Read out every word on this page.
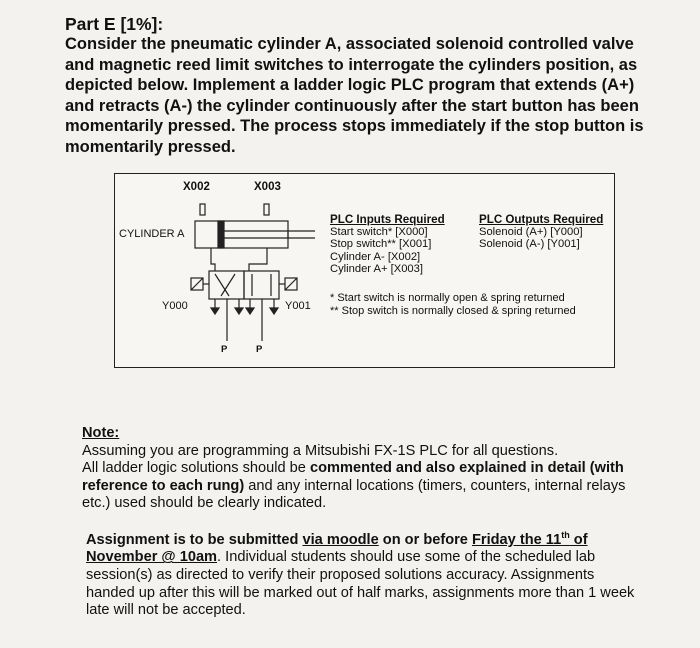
Part E [1%]:

Consider the pneumatic cylinder A, associated solenoid controlled valve and magnetic reed limit switches to interrogate the cylinders position, as depicted below. Implement a ladder logic PLC program that extends (A+) and retracts (A-) the cylinder continuously after the start button has been momentarily pressed. The process stops immediately if the stop button is momentarily pressed.

X002	X003
CYLINDER A
Y000	Y001
P	P
PLC Inputs Required
Start switch* [X000]
Stop switch** [X001]
Cylinder A- [X002]
Cylinder A+ [X003]
PLC Outputs Required
Solenoid (A+) [Y000]
Solenoid (A-) [Y001]
* Start switch is normally open & spring returned
** Stop switch is normally closed & spring returned
Note:
Assuming you are programming a Mitsubishi FX-1S PLC for all questions.
All ladder logic solutions should be commented and also explained in detail (with reference to each rung) and any internal locations (timers, counters, internal relays etc.) used should be clearly indicated.
Assignment is to be submitted via moodle on or before Friday the 11th of November @ 10am. Individual students should use some of the scheduled lab session(s) as directed to verify their proposed solutions accuracy. Assignments handed up after this will be marked out of half marks, assignments more than 1 week late will not be accepted.
